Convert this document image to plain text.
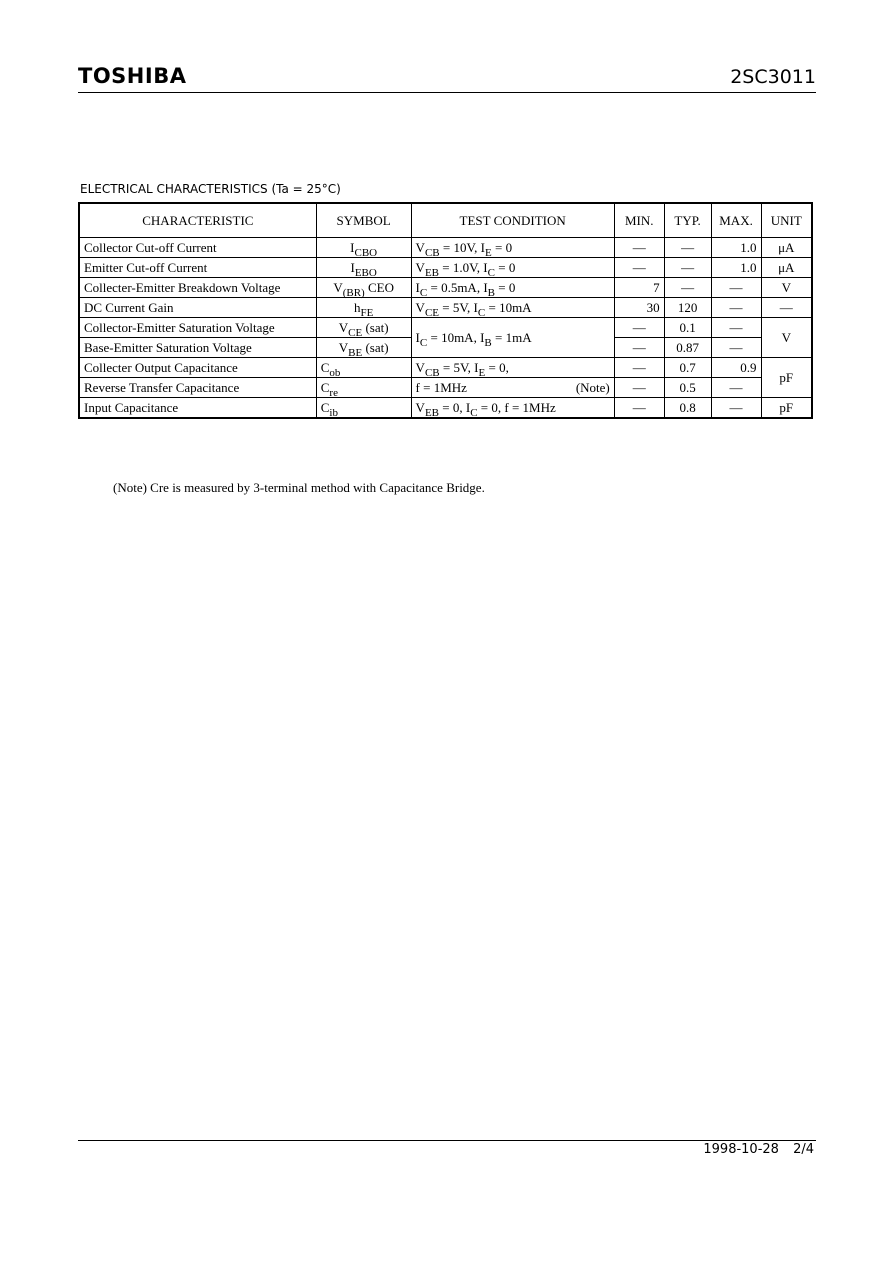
TOSHIBA	2SC3011
ELECTRICAL CHARACTERISTICS (Ta = 25°C)
CHARACTERISTIC	SYMBOL	TEST CONDITION	MIN.	TYP.	MAX.	UNIT
Collector Cut-off Current	$I_{CBO}$	$V_{CB} = 10V$, $I_E = 0$	—	—	1.0	μA
Emitter Cut-off Current	$I_{EBO}$	$V_{EB} = 1.0V$, $I_C = 0$	—	—	1.0	μA
Collecter-Emitter Breakdown Voltage	$V_{(BR)}$ CEO	$I_C = 0.5mA$, $I_B = 0$	7	—	—	V
DC Current Gain	$h_{FE}$	$V_{CE} = 5V$, $I_C = 10mA$	30	120	—	—
Collector-Emitter Saturation Voltage	$V_{CE}$ (sat)	$I_C = 10mA$, $I_B = 1mA$	—	0.1	—	V
Base-Emitter Saturation Voltage	$V_{BE}$ (sat)		—	0.87	—	
Collecter Output Capacitance	$C_{ob}$	$V_{CB} = 5V$, $I_E = 0$,	—	0.7	0.9	pF
Reverse Transfer Capacitance	$C_{re}$	f = 1MHz (Note)	—	0.5	—	
Input Capacitance	$C_{ib}$	$V_{EB} = 0$, $I_C = 0$, f = 1MHz	—	0.8	—	pF
(Note) Cre is measured by 3-terminal method with Capacitance Bridge.
1998-10-28 2/4
